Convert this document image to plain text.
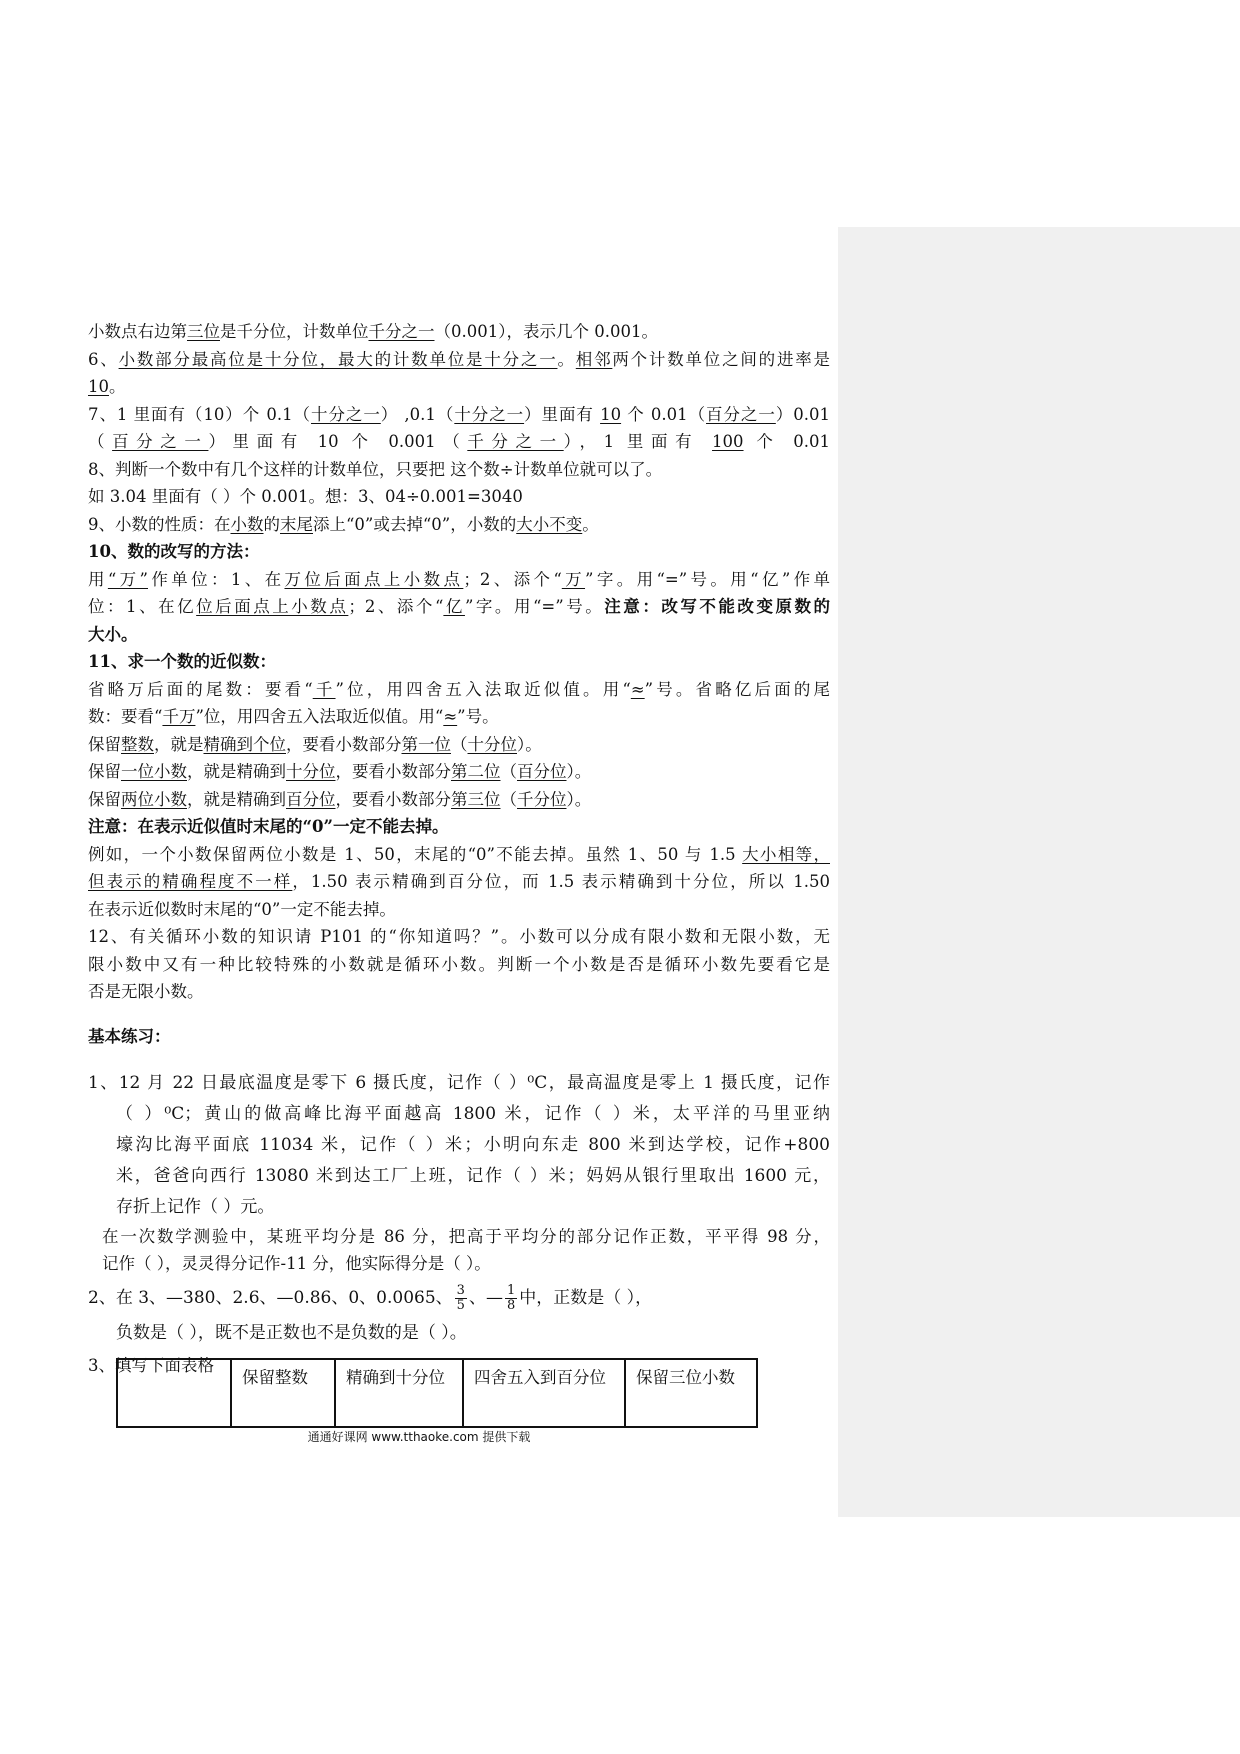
小数点右边第三位是千分位，计数单位千分之一（0.001），表示几个 0.001。
6、小数部分最高位是十分位，最大的计数单位是十分之一。相邻两个计数单位之间的进率是
10。
7、1 里面有（10）个 0.1（十分之一） ,0.1（十分之一）里面有 10 个 0.01（百分之一）0.01
（百分之一）里面有 10 个 0.001（千分之一），1 里面有 100 个 0.01
8、判断一个数中有几个这样的计数单位，只要把 这个数÷计数单位就可以了。
如 3.04 里面有（ ）个 0.001。想：3、04÷0.001=3040
9、小数的性质：在小数的末尾添上“0”或去掉“0”，小数的大小不变。
10、数的改写的方法：
用“万”作单位：1、在万位后面点上小数点；2、添个“万”字。用“=”号。用“亿”作单
位：1、在亿位后面点上小数点；2、添个“亿”字。用“=”号。注意：改写不能改变原数的
大小。
11、求一个数的近似数：
省略万后面的尾数：要看“千”位，用四舍五入法取近似值。用“≈”号。省略亿后面的尾
数：要看“千万”位，用四舍五入法取近似值。用“≈”号。
保留整数，就是精确到个位，要看小数部分第一位（十分位）。
保留一位小数，就是精确到十分位，要看小数部分第二位（百分位）。
保留两位小数，就是精确到百分位，要看小数部分第三位（千分位）。
注意：在表示近似值时末尾的“0”一定不能去掉。
例如，一个小数保留两位小数是 1、50，末尾的“0”不能去掉。虽然 1、50 与 1.5 大小相等，
但表示的精确程度不一样，1.50 表示精确到百分位，而 1.5 表示精确到十分位，所以 1.50
在表示近似数时末尾的“0”一定不能去掉。
12、有关循环小数的知识请 P101 的“你知道吗？”。小数可以分成有限小数和无限小数，无
限小数中又有一种比较特殊的小数就是循环小数。判断一个小数是否是循环小数先要看它是
否是无限小数。
基本练习：
1、12 月 22 日最底温度是零下 6 摄氏度，记作（ ）⁰C，最高温度是零上 1 摄氏度，记作
（ ）⁰C；黄山的做高峰比海平面越高 1800 米，记作（ ）米，太平洋的马里亚纳
壕沟比海平面底 11034 米，记作（ ）米；小明向东走 800 米到达学校，记作+800
米，爸爸向西行 13080 米到达工厂上班，记作（ ）米；妈妈从银行里取出 1600 元，
存折上记作（ ）元。
在一次数学测验中，某班平均分是 86 分，把高于平均分的部分记作正数，平平得 98 分，
记作（ ），灵灵得分记作-11 分，他实际得分是（ ）。
2、在 3、—380、2.6、—0.86、0、0.0065、 $\frac{3}{5}$ 、— $\frac{1}{8}$ 中，正数是（ ），
负数是（ ），既不是正数也不是负数的是（ ）。
3、填写下面表格
	保留整数	精确到十分位	四舍五入到百分位	保留三位小数
通通好课网 www.tthaoke.com 提供下载
